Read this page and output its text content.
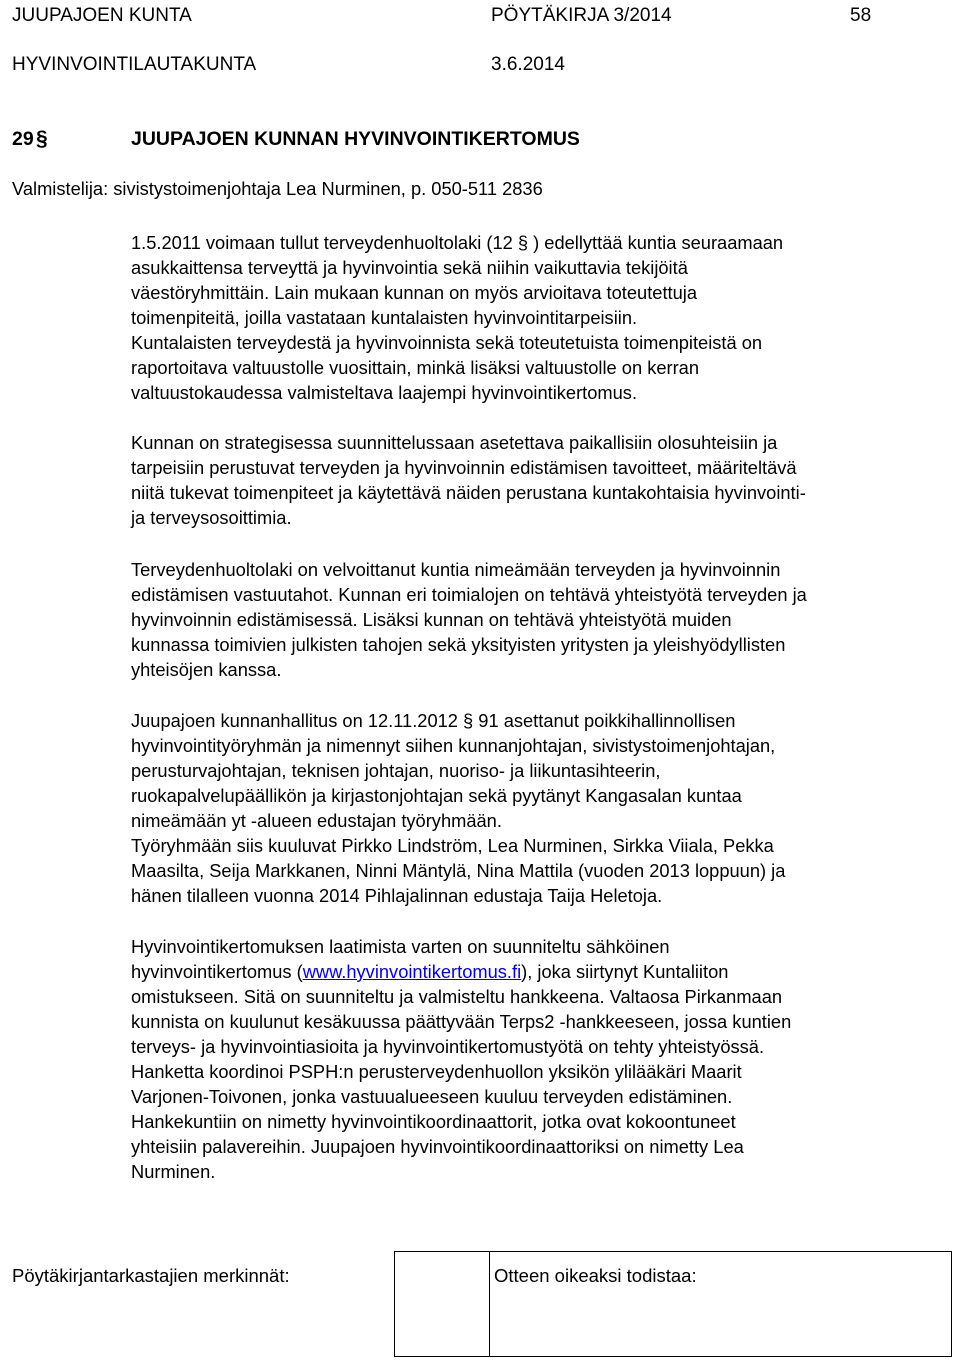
JUUPAJOEN KUNTA	PÖYTÄKIRJA 3/2014	58
HYVINVOINTILAUTAKUNTA	3.6.2014
29 §	JUUPAJOEN KUNNAN HYVINVOINTIKERTOMUS
Valmistelija: sivistystoimenjohtaja Lea Nurminen, p. 050-511 2836
1.5.2011 voimaan tullut terveydenhuoltolaki (12 § ) edellyttää kuntia seuraamaan
asukkaittensa terveyttä ja hyvinvointia sekä niihin vaikuttavia tekijöitä
väestöryhmittäin. Lain mukaan kunnan on myös arvioitava toteutettuja
toimenpiteitä, joilla vastataan kuntalaisten hyvinvointitarpeisiin.
Kuntalaisten terveydestä ja hyvinvoinnista sekä toteutetuista toimenpiteistä on
raportoitava valtuustolle vuosittain, minkä lisäksi valtuustolle on kerran
valtuustokaudessa valmisteltava laajempi hyvinvointikertomus.
Kunnan on strategisessa suunnittelussaan asetettava paikallisiin olosuhteisiin ja
tarpeisiin perustuvat terveyden ja hyvinvoinnin edistämisen tavoitteet, määriteltävä
niitä tukevat toimenpiteet ja käytettävä näiden perustana kuntakohtaisia hyvinvointi-
ja terveysosoittimia.
Terveydenhuoltolaki on velvoittanut kuntia nimeämään terveyden ja hyvinvoinnin
edistämisen vastuutahot. Kunnan eri toimialojen on tehtävä yhteistyötä terveyden ja
hyvinvoinnin edistämisessä. Lisäksi kunnan on tehtävä yhteistyötä muiden
kunnassa toimivien julkisten tahojen sekä yksityisten yritysten ja yleishyödyllisten
yhteisöjen kanssa.
Juupajoen kunnanhallitus on 12.11.2012 § 91 asettanut poikkihallinnollisen
hyvinvointityöryhmän ja nimennyt siihen kunnanjohtajan, sivistystoimenjohtajan,
perusturvajohtajan, teknisen johtajan, nuoriso- ja liikuntasihteerin,
ruokapalvelupäällikön ja kirjastonjohtajan sekä pyytänyt Kangasalan kuntaa
nimeämään yt -alueen edustajan työryhmään.
Työryhmään siis kuuluvat Pirkko Lindström, Lea Nurminen, Sirkka Viiala, Pekka
Maasilta, Seija Markkanen, Ninni Mäntylä, Nina Mattila (vuoden 2013 loppuun) ja
hänen tilalleen vuonna 2014 Pihlajalinnan edustaja Taija Heletoja.
Hyvinvointikertomuksen laatimista varten on suunniteltu sähköinen
hyvinvointikertomus (www.hyvinvointikertomus.fi), joka siirtynyt Kuntaliiton
omistukseen. Sitä on suunniteltu ja valmisteltu hankkeena. Valtaosa Pirkanmaan
kunnista on kuulunut kesäkuussa päättyvään Terps2 -hankkeeseen, jossa kuntien
terveys- ja hyvinvointiasioita ja hyvinvointikertomustyötä on tehty yhteistyössä.
Hanketta koordinoi PSPH:n perusterveydenhuollon yksikön ylilääkäri Maarit
Varjonen-Toivonen, jonka vastuualueeseen kuuluu terveyden edistäminen.
Hankekuntiin on nimetty hyvinvointikoordinaattorit, jotka ovat kokoontuneet
yhteisiin palavereihin. Juupajoen hyvinvointikoordinaattoriksi on nimetty Lea
Nurminen.
Pöytäkirjantarkastajien merkinnät:	Otteen oikeaksi todistaa:
